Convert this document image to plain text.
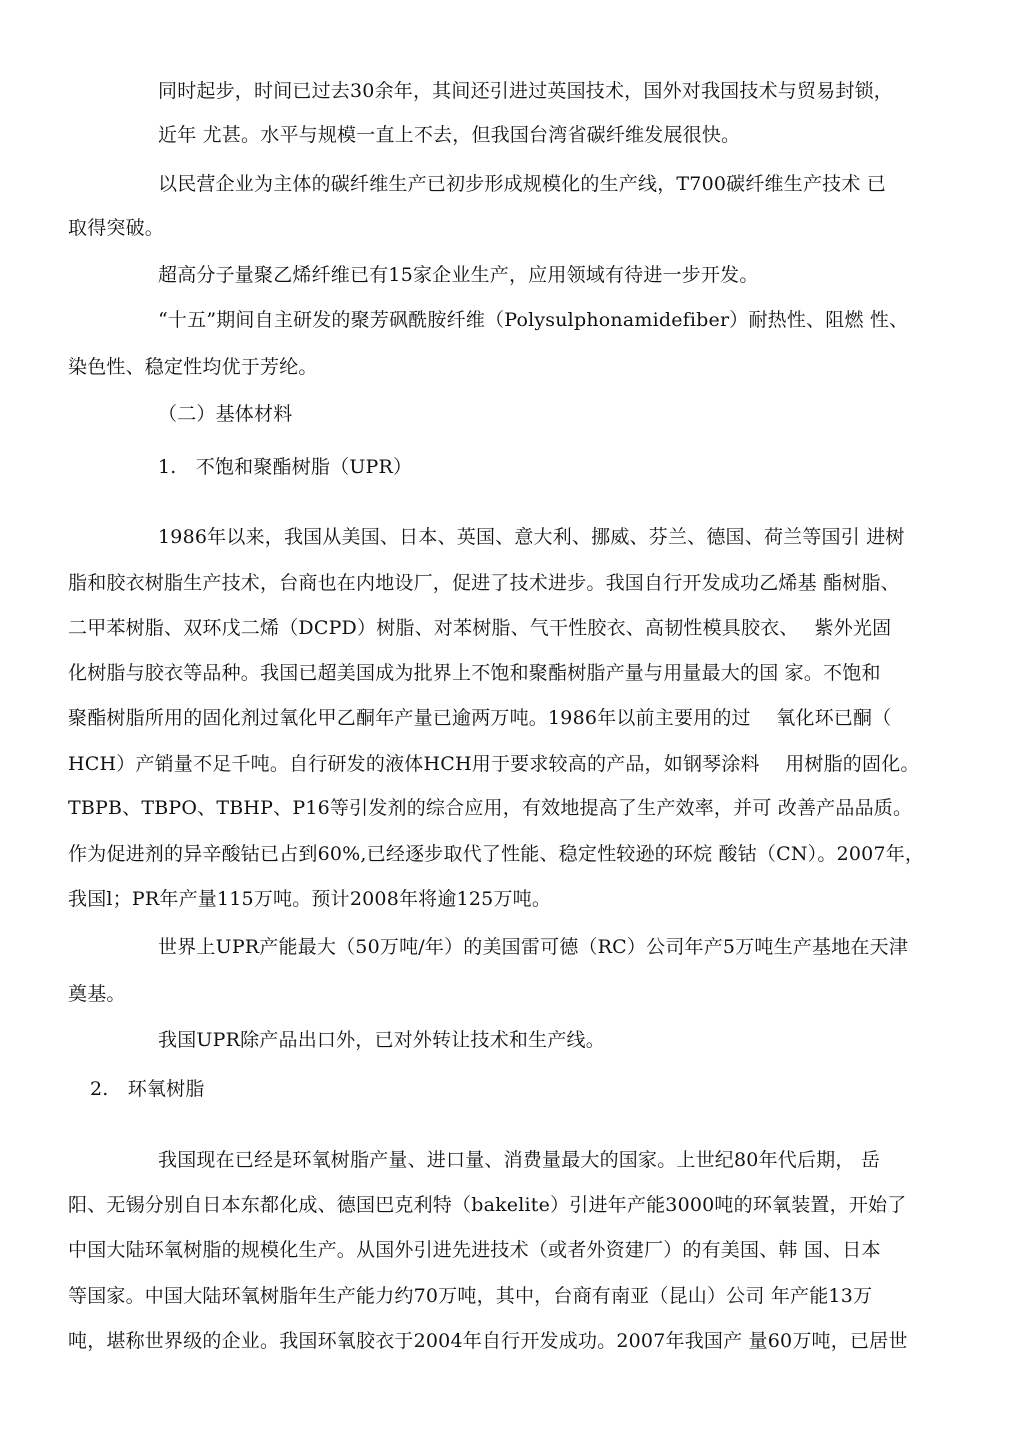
同时起步，时间已过去30余年，其间还引进过英国技术，国外对我国技术与贸易封锁，
近年 尤甚。水平与规模一直上不去，但我国台湾省碳纤维发展很快。
以民营企业为主体的碳纤维生产已初步形成规模化的生产线，T700碳纤维生产技术 已
取得突破。
超高分子量聚乙烯纤维已有15家企业生产，应用领域有待进一步开发。
“十五”期间自主研发的聚芳砜酰胺纤维（Polysulphonamidefiber）耐热性、阻燃 性、
染色性、稳定性均优于芳纶。
（二）基体材料
1.　不饱和聚酯树脂（UPR）
1986年以来，我国从美国、日本、英国、意大利、挪威、芬兰、德国、荷兰等国引 进树
脂和胶衣树脂生产技术，台商也在内地设厂，促进了技术进步。我国自行开发成功乙烯基 酯树脂、
二甲苯树脂、双环戊二烯（DCPD）树脂、对苯树脂、气干性胶衣、高韧性模具胶衣、　 紫外光固
化树脂与胶衣等品种。我国已超美国成为批界上不饱和聚酯树脂产量与用量最大的国 家。不饱和
聚酯树脂所用的固化剂过氧化甲乙酮年产量已逾两万吨。1986年以前主要用的过　 氧化环已酮（
HCH）产销量不足千吨。自行研发的液体HCH用于要求较高的产品，如钢琴涂料　 用树脂的固化。
TBPB、TBPO、TBHP、P16等引发剂的综合应用，有效地提高了生产效率，并可 改善产品品质。
作为促进剂的异辛酸钴已占到60%,已经逐步取代了性能、稳定性较逊的环烷 酸钴（CN）。2007年，
我国l；PR年产量115万吨。预计2008年将逾125万吨。
世界上UPR产能最大（50万吨/年）的美国雷可德（RC）公司年产5万吨生产基地在天津
奠基。
我国UPR除产品出口外，已对外转让技术和生产线。
2.　环氧树脂
我国现在已经是环氧树脂产量、进口量、消费量最大的国家。上世纪80年代后期， 岳
阳、无锡分别自日本东都化成、德国巴克利特（bakelite）引进年产能3000吨的环氧装置，开始了
中国大陆环氧树脂的规模化生产。从国外引进先进技术（或者外资建厂）的有美国、韩 国、日本
等国家。中国大陆环氧树脂年生产能力约70万吨，其中，台商有南亚（昆山）公司 年产能13万
吨，堪称世界级的企业。我国环氧胶衣于2004年自行开发成功。2007年我国产 量60万吨，已居世
